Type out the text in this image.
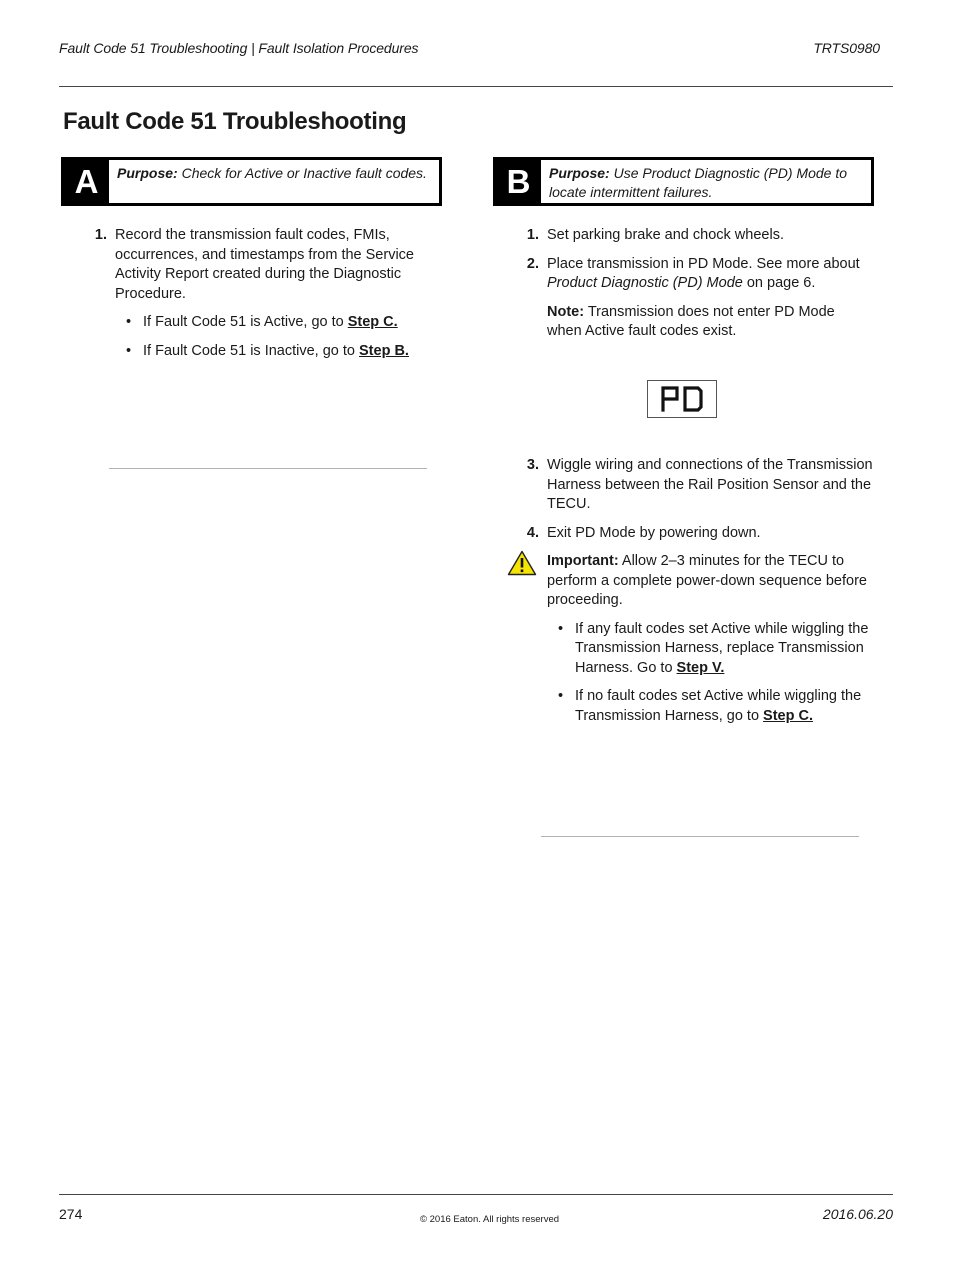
Fault Code 51 Troubleshooting | Fault Isolation Procedures	TRTS0980
Fault Code 51 Troubleshooting
A	Purpose: Check for Active or Inactive fault codes.	B	Purpose: Use Product Diagnostic (PD) Mode to locate intermittent failures.
1. Record the transmission fault codes, FMIs, occurrences, and timestamps from the Service Activity Report created during the Diagnostic Procedure.
• If Fault Code 51 is Active, go to Step C.
• If Fault Code 51 is Inactive, go to Step B.
1. Set parking brake and chock wheels.
2. Place transmission in PD Mode. See more about Product Diagnostic (PD) Mode on page 6.
Note: Transmission does not enter PD Mode when Active fault codes exist.
3. Wiggle wiring and connections of the Transmission Harness between the Rail Position Sensor and the TECU.
4. Exit PD Mode by powering down.
Important: Allow 2–3 minutes for the TECU to perform a complete power-down sequence before proceeding.
• If any fault codes set Active while wiggling the Transmission Harness, replace Transmission Harness. Go to Step V.
• If no fault codes set Active while wiggling the Transmission Harness, go to Step C.
274	© 2016 Eaton. All rights reserved	2016.06.20
